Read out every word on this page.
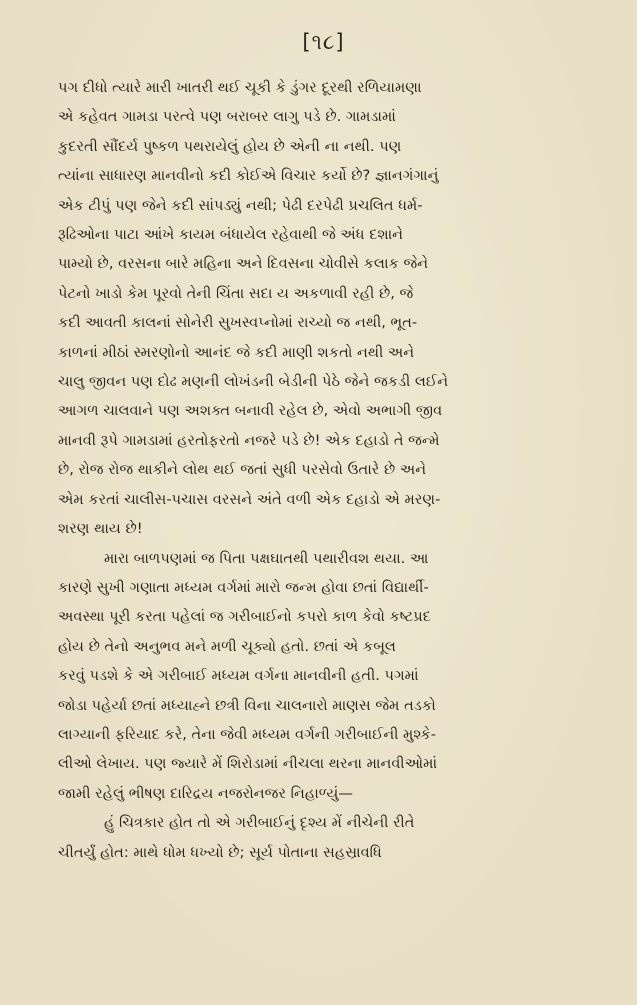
[૧૮]
પગ દીધો ત્યારે મારી ખાતરી થઈ ચૂકી કે ડુંગર દૂરથી રળિયામણા
એ કહેવત ગામડા પરત્વે પણ બરાબર લાગુ પડે છે. ગામડામાં
કુદરતી સૌંદર્ય પુષ્કળ પથરાયેલું હોય છે એની ના નથી. પણ
ત્યાંના સાધારણ માનવીનો કદી કોઈએ વિચાર કર્યો છે? જ્ઞાનગંગાનું
એક ટીપું પણ જેને કદી સાંપડ્યું નથી; પેઢી દરપેઢી પ્રચલિત ધર્મ-
રૂઢિઓના પાટા આંખે કાયમ બંધાયેલ રહેવાથી જે અંધ દશાને
પામ્યો છે, વરસના બારે મહિના અને દિવસના ચોવીસે કલાક જેને
પેટનો ખાડો કેમ પૂરવો તેની ચિંતા સદા ય અકળાવી રહી છે, જે
કદી આવતી કાલનાં સોનેરી સુખસ્વપ્નોમાં રાચ્યો જ નથી, ભૂત-
કાળનાં મીઠાં સ્મરણોનો આનંદ જે કદી માણી શકતો નથી અને
ચાલુ જીવન પણ દોઢ મણની લોખંડની બેડીની પેઠે જેને જકડી લઈને
આગળ ચાલવાને પણ અશક્ત બનાવી રહેલ છે, એવો અભાગી જીવ
માનવી રૂપે ગામડામાં હરતોફરતો નજરે પડે છે! એક દહાડો તે જન્મે
છે, રોજ રોજ થાકીને લોથ થઈ જતાં સુધી પરસેવો ઉતારે છે અને
એમ કરતાં ચાલીસ-પચાસ વરસને અંતે વળી એક દહાડો એ મરણ-
શરણ થાય છે!
મારા બાળપણમાં જ પિતા પક્ષઘાતથી પથારીવશ થયા. આ
કારણે સુખી ગણાતા મધ્યમ વર્ગમાં મારો જન્મ હોવા છતાં વિદ્યાર્થી-
અવસ્થા પૂરી કરતા પહેલાં જ ગરીબાઈનો કપરો કાળ કેવો કષ્ટપ્રદ
હોય છે તેનો અનુભવ મને મળી ચૂક્યો હતો. છતાં એ કબૂલ
કરવું પડશે કે એ ગરીબાઈ મધ્યમ વર્ગના માનવીની હતી. પગમાં
જોડા પહેર્યા છતાં મધ્યાહ્ને છત્રી વિના ચાલનારો માણસ જેમ તડકો
લાગ્યાની ફરિયાદ કરે, તેના જેવી મધ્યમ વર્ગની ગરીબાઈની મુશ્કે-
લીઓ લેખાય. પણ જ્યારે મેં શિરોડામાં નીચલા થરના માનવીઓમાં
જામી રહેલું ભીષણ દારિદ્રય નજરોનજર નિહાળ્યું—
હું ચિત્રકાર હોત તો એ ગરીબાઈનું દૃશ્ય મેં નીચેની રીતે
ચીતર્યું હોત: માથે ધોમ ધખ્યો છે; સૂર્ય પોતાના સહસ્રાવધિ
